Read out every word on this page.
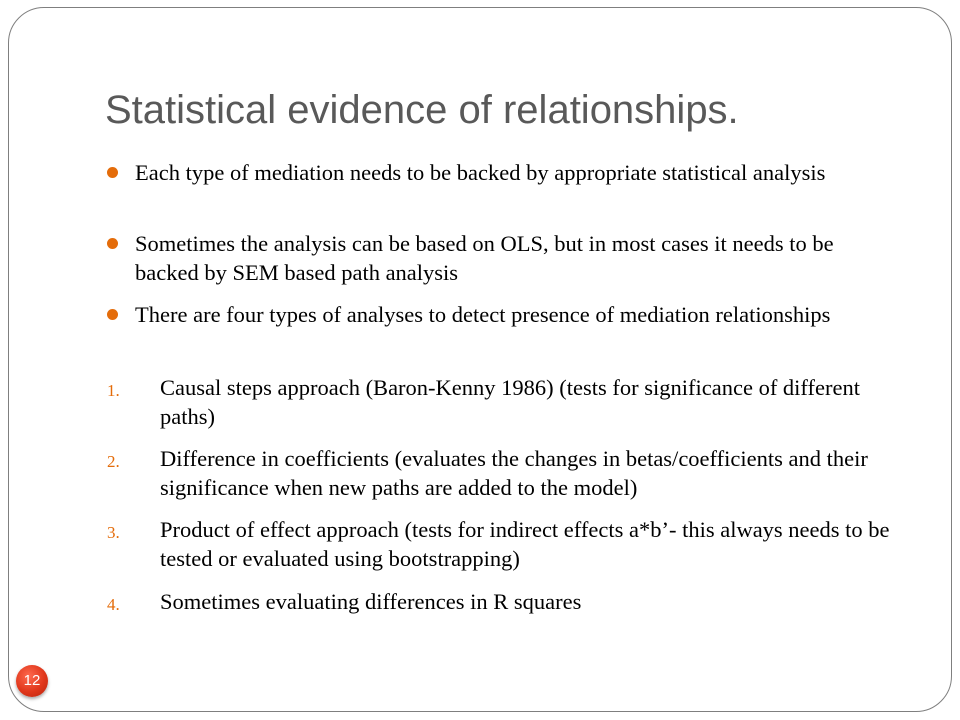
Statistical evidence of relationships.
Each type of mediation needs to be backed by appropriate statistical analysis
Sometimes the analysis can be based on OLS, but in most cases it needs to be backed by SEM based path analysis
There are four types of analyses to detect presence of mediation relationships
1. Causal steps approach (Baron-Kenny 1986) (tests for significance of different paths)
2. Difference in coefficients (evaluates the changes in betas/coefficients and their significance when new paths are added to the model)
3. Product of effect approach (tests for indirect effects a*b’- this always needs to be tested or evaluated using bootstrapping)
4. Sometimes evaluating differences in R squares
12
